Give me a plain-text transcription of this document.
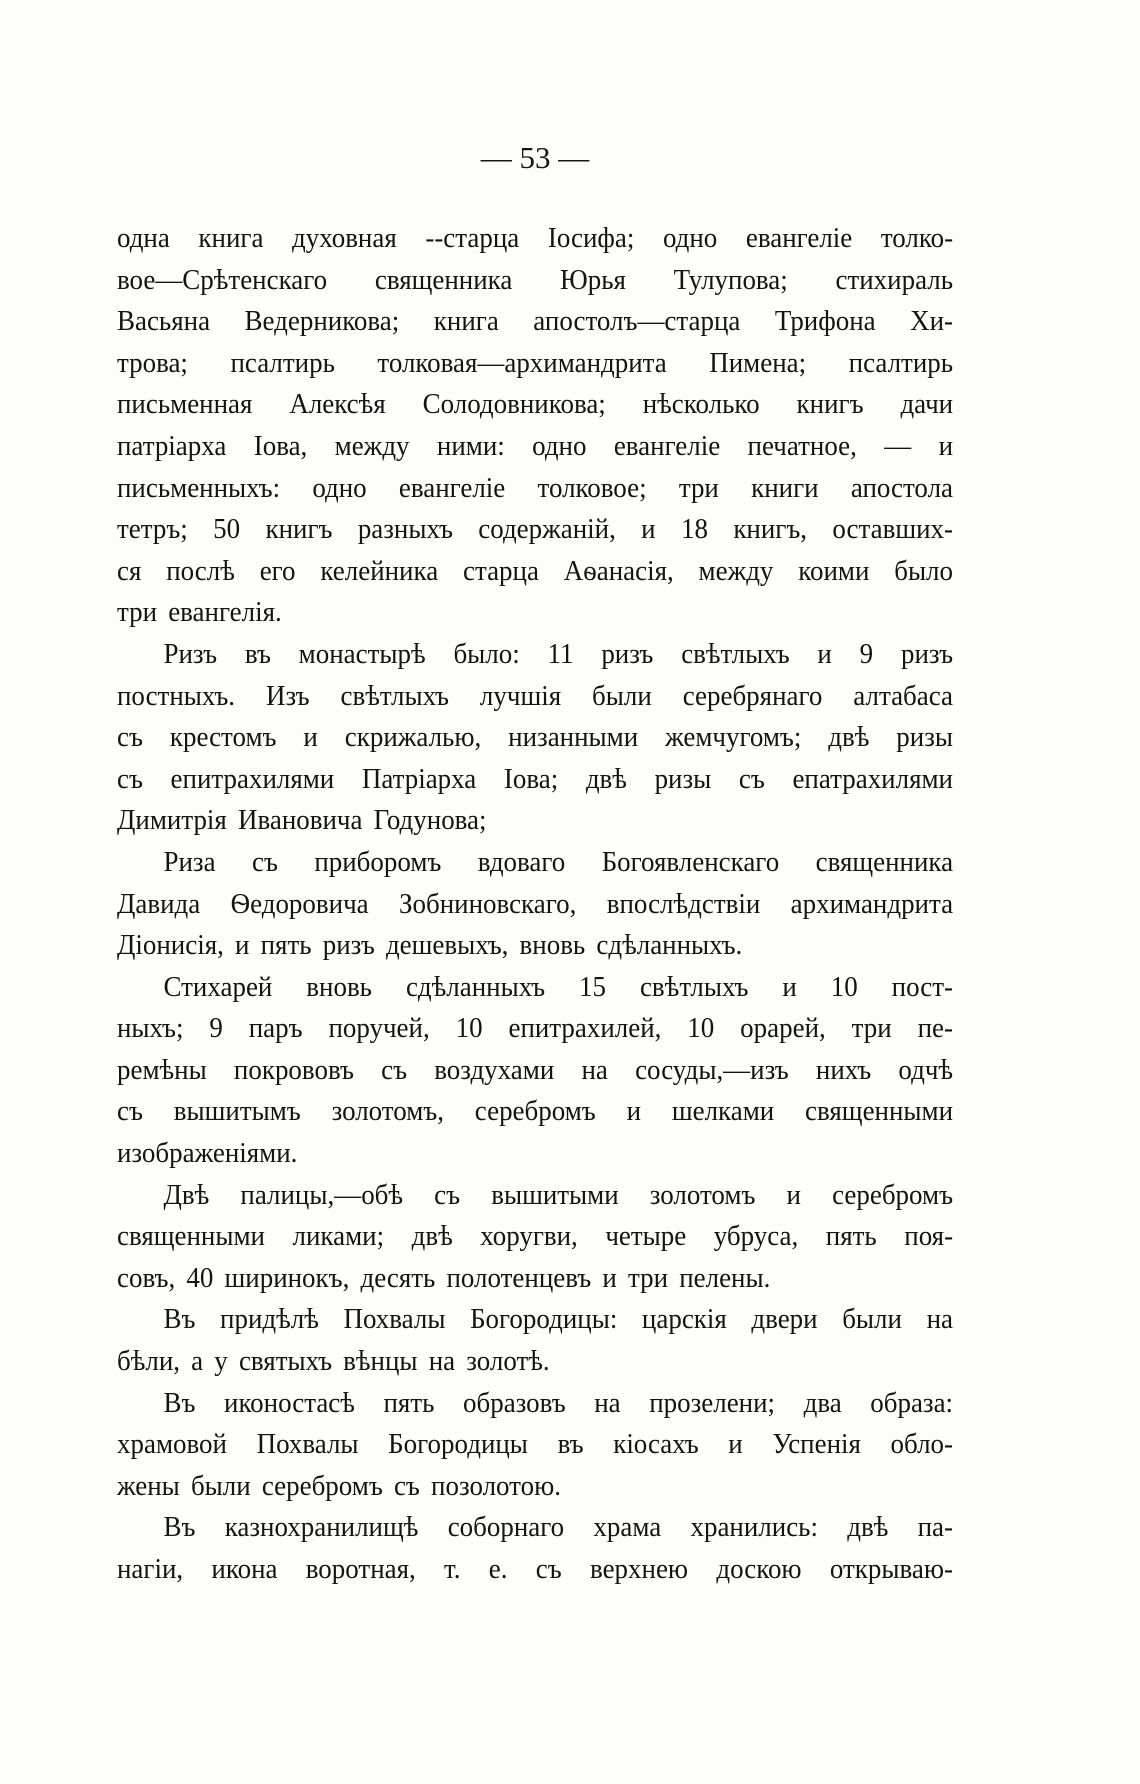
— 53 —
одна книга духовная --старца Іосифа; одно евангеліе толко-
вое—Срѣтенскаго священника Юрья Тулупова; стихираль
Васьяна Ведерникова; книга апостолъ—старца Трифона Хи-
трова; псалтирь толковая—архимандрита Пимена; псалтирь
письменная Алексѣя Солодовникова; нѣсколько книгъ дачи
патріарха Іова, между ними: одно евангеліе печатное, — и
письменныхъ: одно евангеліе толковое; три книги апостола
тетръ; 50 книгъ разныхъ содержаній, и 18 книгъ, оставших-
ся послѣ его келейника старца Аѳанасія, между коими было
три евангелія.
Ризъ въ монастырѣ было: 11 ризъ свѣтлыхъ и 9 ризъ
постныхъ. Изъ свѣтлыхъ лучшія были серебрянаго алтабаса
съ крестомъ и скрижалью, низанными жемчугомъ; двѣ ризы
съ епитрахилями Патріарха Іова; двѣ ризы съ епатрахилями
Димитрія Ивановича Годунова;
Риза съ приборомъ вдоваго Богоявленскаго священника
Давида Ѳедоровича Зобниновскаго, впослѣдствіи архимандрита
Діонисія, и пять ризъ дешевыхъ, вновь сдѣланныхъ.
Стихарей вновь сдѣланныхъ 15 свѣтлыхъ и 10 пост-
ныхъ; 9 паръ поручей, 10 епитрахилей, 10 орарей, три пе-
ремѣны покрововъ съ воздухами на сосуды,—изъ нихъ одчѣ
съ вышитымъ золотомъ, серебромъ и шелками священными
изображеніями.
Двѣ палицы,—обѣ съ вышитыми золотомъ и серебромъ
священными ликами; двѣ хоругви, четыре убруса, пять поя-
совъ, 40 ширинокъ, десять полотенцевъ и три пелены.
Въ придѣлѣ Похвалы Богородицы: царскія двери были на
бѣли, а у святыхъ вѣнцы на золотѣ.
Въ иконостасѣ пять образовъ на прозелени; два образа:
храмовой Похвалы Богородицы въ кіосахъ и Успенія обло-
жены были серебромъ съ позолотою.
Въ казнохранилищѣ соборнаго храма хранились: двѣ па-
нагіи, икона воротная, т. е. съ верхнею доскою открываю-
